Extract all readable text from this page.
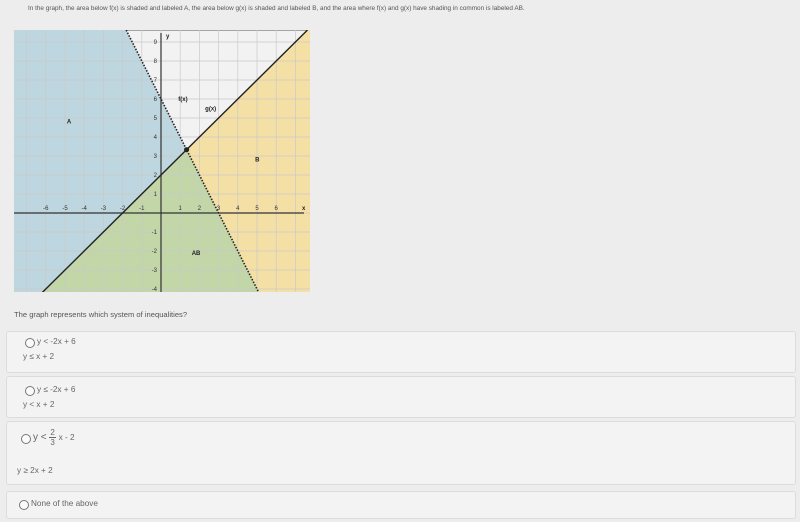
In the graph, the area below f(x) is shaded and labeled A, the area below g(x) is shaded and labeled B, and the area where f(x) and g(x) have shading in common is labeled AB.
-6 -5 -4 -3 -2 -1	1	2	3	4	5	6
9
8
7
6
5
4
3
2
1
-1
-2
-3
-4
x
y
f(x)
g(x)
A
B
AB
The graph represents which system of inequalities?
y < -2x + 6
y ≤ x + 2
y ≤ -2x + 6
y < x + 2
$y < \frac{2}{3}$ x - 2
y ≥ 2x + 2
None of the above
